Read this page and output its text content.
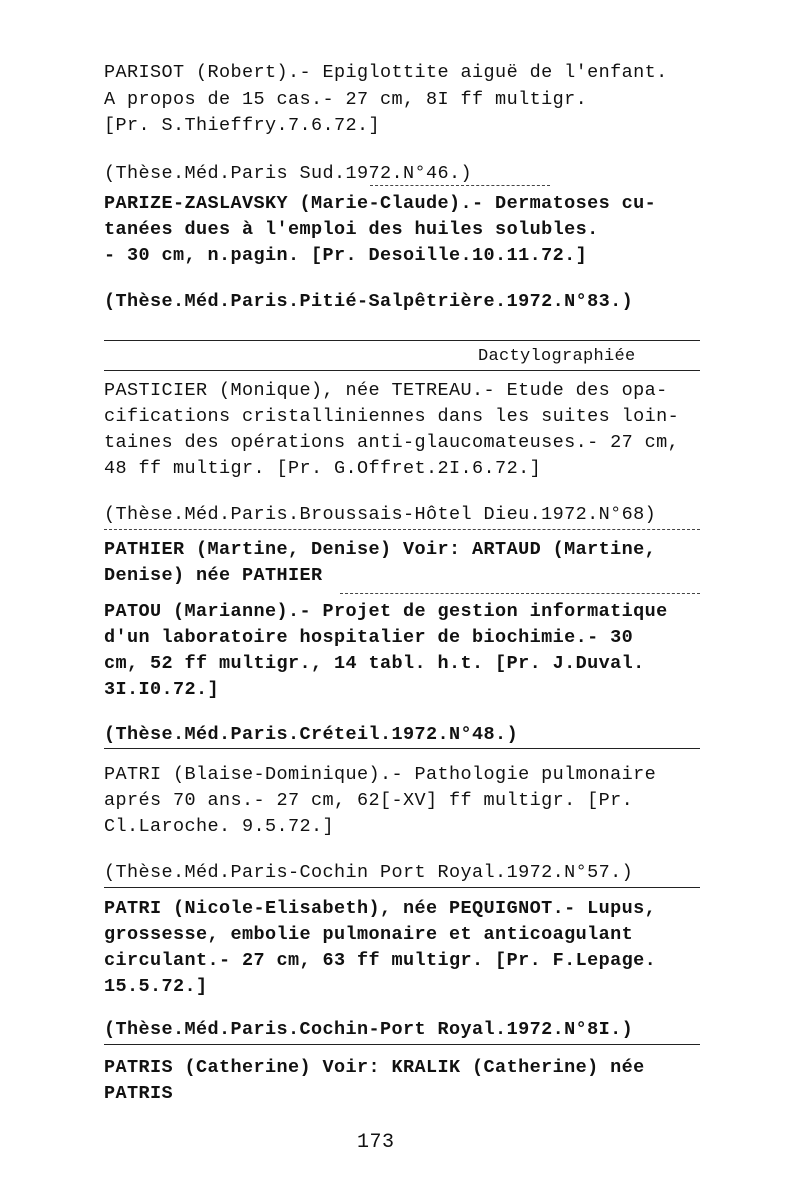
PARISOT (Robert).- Epiglottite aiguë de l'enfant.
A propos de 15 cas.- 27 cm, 8I ff multigr.
[Pr. S.Thieffry.7.6.72.]
(Thèse.Méd.Paris Sud.1972.N°46.)
PARIZE-ZASLAVSKY (Marie-Claude).- Dermatoses cu-
tanées dues à l'emploi des huiles solubles.
- 30 cm, n.pagin. [Pr. Desoille.10.11.72.]
(Thèse.Méd.Paris.Pitié-Salpêtrière.1972.N°83.)
Dactylographiée
PASTICIER (Monique), née TETREAU.- Etude des opa-
cifications cristalliniennes dans les suites loin-
taines des opérations anti-glaucomateuses.- 27 cm,
48 ff multigr. [Pr. G.Offret.2I.6.72.]
(Thèse.Méd.Paris.Broussais-Hôtel Dieu.1972.N°68)
PATHIER (Martine, Denise) Voir: ARTAUD (Martine,
Denise) née PATHIER
PATOU (Marianne).- Projet de gestion informatique
d'un laboratoire hospitalier de biochimie.- 30
cm, 52 ff multigr., 14 tabl. h.t. [Pr. J.Duval.
3I.I0.72.]
(Thèse.Méd.Paris.Créteil.1972.N°48.)
PATRI (Blaise-Dominique).- Pathologie pulmonaire
aprés 70 ans.- 27 cm, 62[-XV] ff multigr. [Pr.
Cl.Laroche. 9.5.72.]
(Thèse.Méd.Paris-Cochin Port Royal.1972.N°57.)
PATRI (Nicole-Elisabeth), née PEQUIGNOT.- Lupus,
grossesse, embolie pulmonaire et anticoagulant
circulant.- 27 cm, 63 ff multigr. [Pr. F.Lepage.
15.5.72.]
(Thèse.Méd.Paris.Cochin-Port Royal.1972.N°8I.)
PATRIS (Catherine) Voir: KRALIK (Catherine) née
PATRIS
173
